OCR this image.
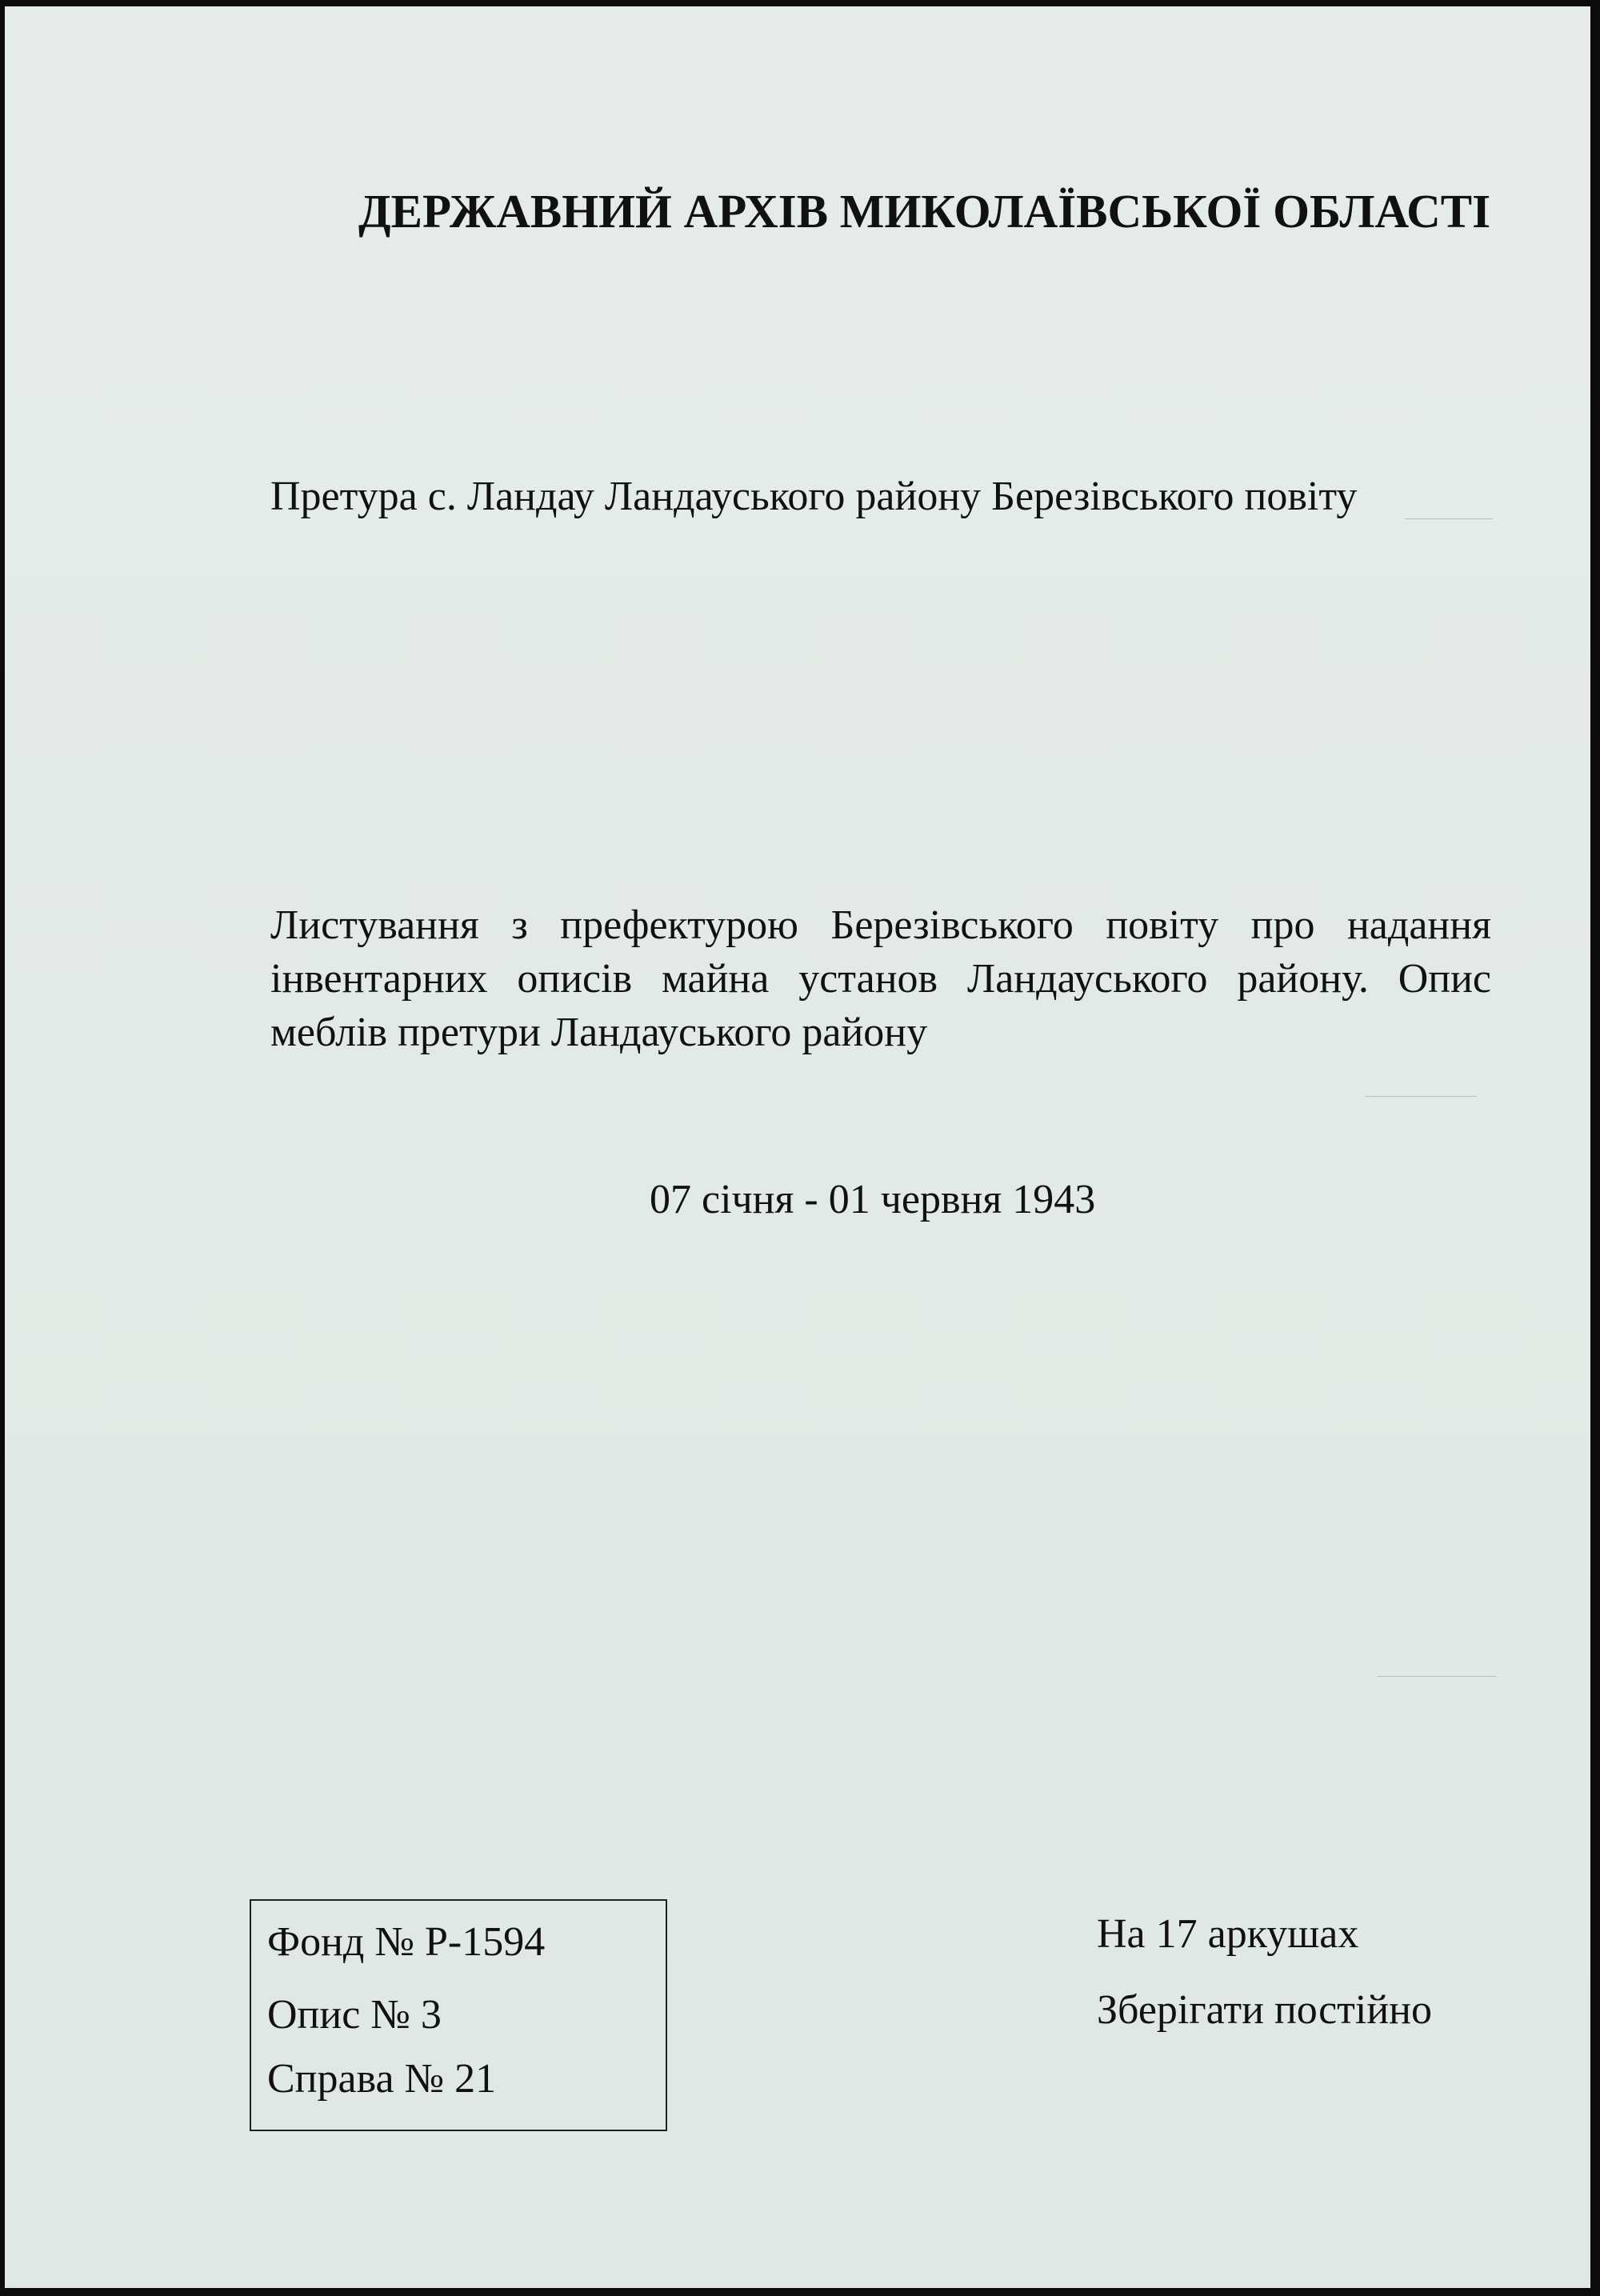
ДЕРЖАВНИЙ АРХІВ МИКОЛАЇВСЬКОЇ ОБЛАСТІ
Претура с. Ландау Ландауського району Березівського повіту
Листування з префектурою Березівського повіту про надання
інвентарних описів майна установ Ландауського району. Опис
меблів претури Ландауського району
07 січня - 01 червня 1943
Фонд № Р-1594
Опис № 3
Справа № 21
На 17 аркушах
Зберігати постійно
